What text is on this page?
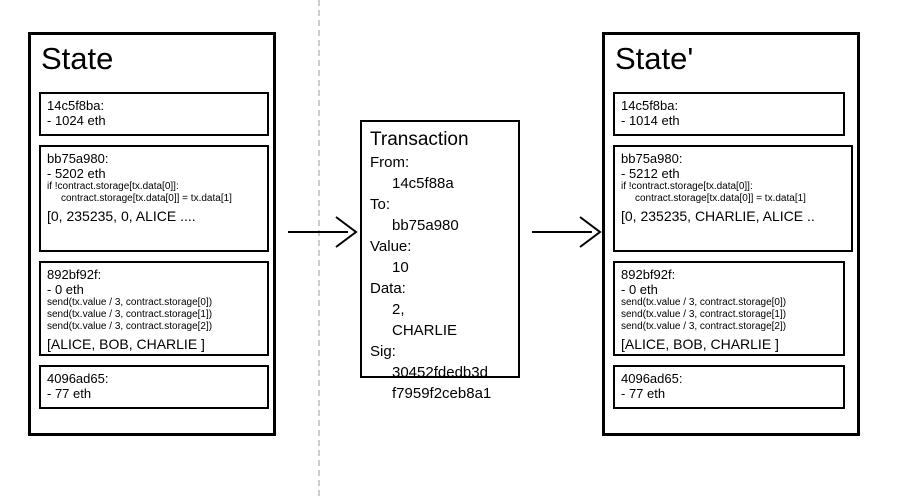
State
14c5f8ba:
- 1024 eth
bb75a980:
- 5202 eth
if !contract.storage[tx.data[0]]:
contract.storage[tx.data[0]] = tx.data[1]
[0, 235235, 0, ALICE ....
892bf92f:
- 0 eth
send(tx.value / 3, contract.storage[0])
send(tx.value / 3, contract.storage[1])
send(tx.value / 3, contract.storage[2])
[ALICE, BOB, CHARLIE ]
4096ad65:
- 77 eth
Transaction
From:
14c5f88a
To:
bb75a980
Value:
10
Data:
2,
CHARLIE
Sig:
30452fdedb3d
f7959f2ceb8a1
State'
14c5f8ba:
- 1014 eth
bb75a980:
- 5212 eth
if !contract.storage[tx.data[0]]:
contract.storage[tx.data[0]] = tx.data[1]
[0, 235235, CHARLIE, ALICE ..
892bf92f:
- 0 eth
send(tx.value / 3, contract.storage[0])
send(tx.value / 3, contract.storage[1])
send(tx.value / 3, contract.storage[2])
[ALICE, BOB, CHARLIE ]
4096ad65:
- 77 eth
